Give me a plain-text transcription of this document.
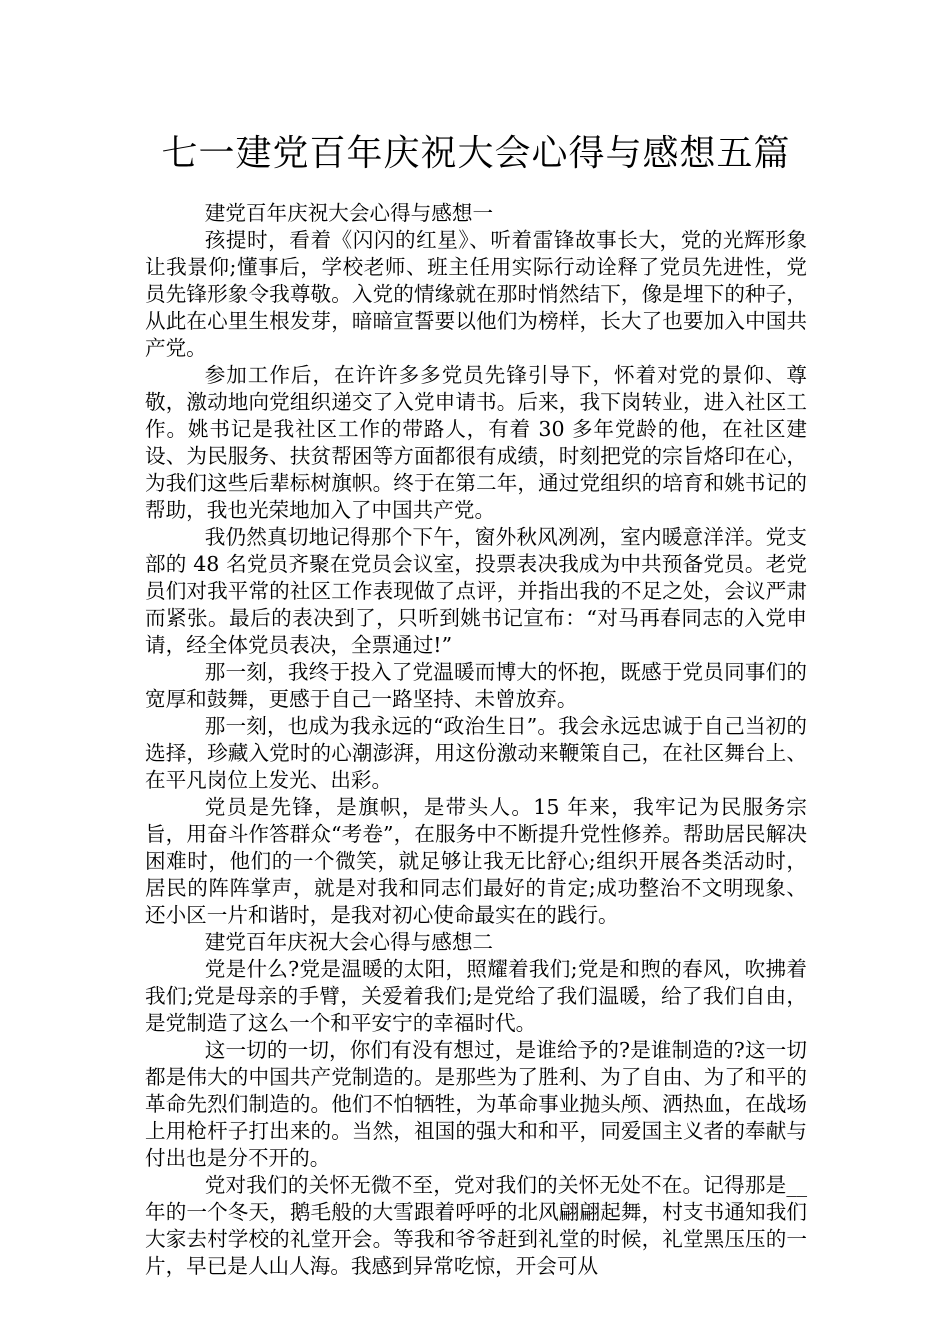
七一建党百年庆祝大会心得与感想五篇
建党百年庆祝大会心得与感想一

孩提时，看着《闪闪的红星》、听着雷锋故事长大，党的光辉形象让我景仰;懂事后，学校老师、班主任用实际行动诠释了党员先进性，党员先锋形象令我尊敬。入党的情缘就在那时悄然结下，像是埋下的种子，从此在心里生根发芽，暗暗宣誓要以他们为榜样，长大了也要加入中国共产党。

参加工作后，在许许多多党员先锋引导下，怀着对党的景仰、尊敬，激动地向党组织递交了入党申请书。后来，我下岗转业，进入社区工作。姚书记是我社区工作的带路人，有着 30 多年党龄的他，在社区建设、为民服务、扶贫帮困等方面都很有成绩，时刻把党的宗旨烙印在心，为我们这些后辈标树旗帜。终于在第二年，通过党组织的培育和姚书记的帮助，我也光荣地加入了中国共产党。

我仍然真切地记得那个下午，窗外秋风冽冽，室内暖意洋洋。党支部的 48 名党员齐聚在党员会议室，投票表决我成为中共预备党员。老党员们对我平常的社区工作表现做了点评，并指出我的不足之处，会议严肃而紧张。最后的表决到了，只听到姚书记宣布：“对马再春同志的入党申请，经全体党员表决，全票通过!”

那一刻，我终于投入了党温暖而博大的怀抱，既感于党员同事们的宽厚和鼓舞，更感于自己一路坚持、未曾放弃。

那一刻，也成为我永远的“政治生日”。我会永远忠诚于自己当初的选择，珍藏入党时的心潮澎湃，用这份激动来鞭策自己，在社区舞台上、在平凡岗位上发光、出彩。

党员是先锋，是旗帜，是带头人。15 年来，我牢记为民服务宗旨，用奋斗作答群众“考卷”，在服务中不断提升党性修养。帮助居民解决困难时，他们的一个微笑，就足够让我无比舒心;组织开展各类活动时，居民的阵阵掌声，就是对我和同志们最好的肯定;成功整治不文明现象、还小区一片和谐时，是我对初心使命最实在的践行。

建党百年庆祝大会心得与感想二

党是什么?党是温暖的太阳，照耀着我们;党是和煦的春风，吹拂着我们;党是母亲的手臂，关爱着我们;是党给了我们温暖，给了我们自由，是党制造了这么一个和平安宁的幸福时代。

这一切的一切，你们有没有想过，是谁给予的?是谁制造的?这一切都是伟大的中国共产党制造的。是那些为了胜利、为了自由、为了和平的革命先烈们制造的。他们不怕牺牲，为革命事业抛头颅、洒热血，在战场上用枪杆子打出来的。当然，祖国的强大和和平，同爱国主义者的奉献与付出也是分不开的。

党对我们的关怀无微不至，党对我们的关怀无处不在。记得那是__年的一个冬天，鹅毛般的大雪跟着呼呼的北风翩翩起舞，村支书通知我们大家去村学校的礼堂开会。等我和爷爷赶到礼堂的时候，礼堂黑压压的一片，早已是人山人海。我感到异常吃惊，开会可从
